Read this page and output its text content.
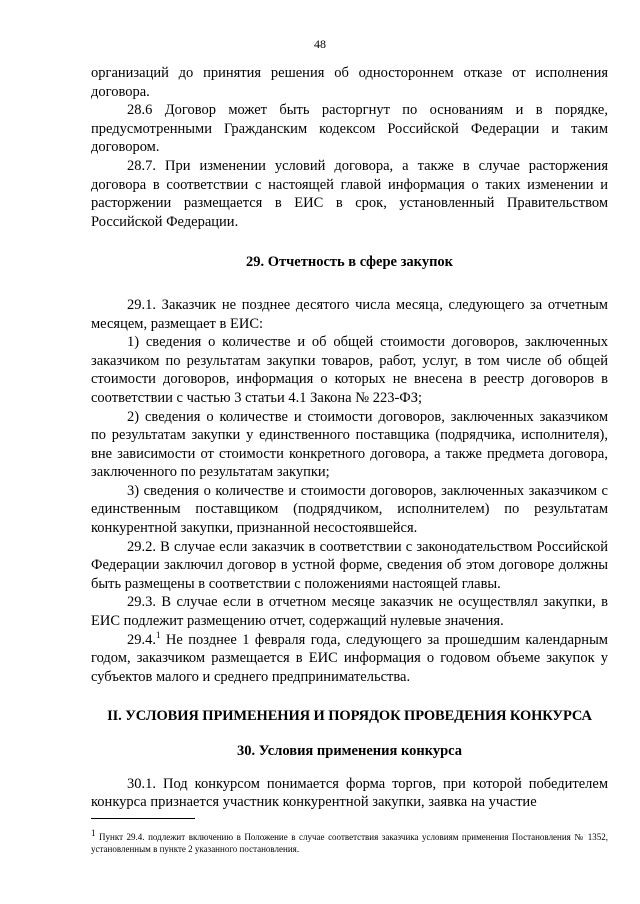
48

организаций до принятия решения об одностороннем отказе от исполнения договора.

28.6 Договор может быть расторгнут по основаниям и в порядке, предусмотренными Гражданским кодексом Российской Федерации и таким договором.

28.7. При изменении условий договора, а также в случае расторжения договора в соответствии с настоящей главой информация о таких изменении и расторжении размещается в ЕИС в срок, установленный Правительством Российской Федерации.

29. Отчетность в сфере закупок

29.1. Заказчик не позднее десятого числа месяца, следующего за отчетным месяцем, размещает в ЕИС:

1) сведения о количестве и об общей стоимости договоров, заключенных заказчиком по результатам закупки товаров, работ, услуг, в том числе об общей стоимости договоров, информация о которых не внесена в реестр договоров в соответствии с частью 3 статьи 4.1 Закона № 223-ФЗ;

2) сведения о количестве и стоимости договоров, заключенных заказчиком по результатам закупки у единственного поставщика (подрядчика, исполнителя), вне зависимости от стоимости конкретного договора, а также предмета договора, заключенного по результатам закупки;

3) сведения о количестве и стоимости договоров, заключенных заказчиком с единственным поставщиком (подрядчиком, исполнителем) по результатам конкурентной закупки, признанной несостоявшейся.

29.2. В случае если заказчик в соответствии с законодательством Российской Федерации заключил договор в устной форме, сведения об этом договоре должны быть размещены в соответствии с положениями настоящей главы.

29.3. В случае если в отчетном месяце заказчик не осуществлял закупки, в ЕИС подлежит размещению отчет, содержащий нулевые значения.

29.4.$^1$ Не позднее 1 февраля года, следующего за прошедшим календарным годом, заказчиком размещается в ЕИС информация о годовом объеме закупок у субъектов малого и среднего предпринимательства.

II. УСЛОВИЯ ПРИМЕНЕНИЯ И ПОРЯДОК ПРОВЕДЕНИЯ КОНКУРСА

30. Условия применения конкурса

30.1. Под конкурсом понимается форма торгов, при которой победителем конкурса признается участник конкурентной закупки, заявка на участие

$^1$ Пункт 29.4. подлежит включению в Положение в случае соответствия заказчика условиям применения Постановления № 1352, установленным в пункте 2 указанного постановления.
